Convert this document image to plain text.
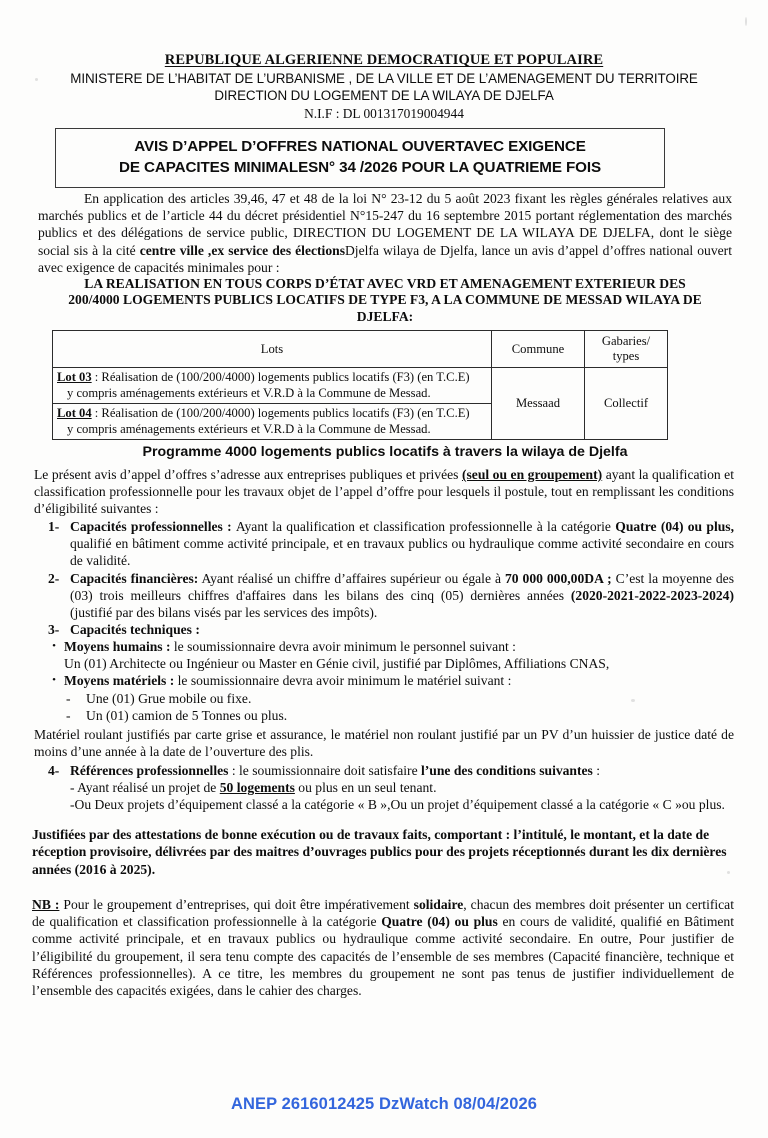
REPUBLIQUE ALGERIENNE DEMOCRATIQUE ET POPULAIRE
MINISTERE DE L’HABITAT DE L’URBANISME , DE LA VILLE ET DE L’AMENAGEMENT DU TERRITOIRE
DIRECTION DU LOGEMENT DE LA WILAYA DE DJELFA
N.I.F : DL 001317019004944
AVIS D’APPEL D’OFFRES NATIONAL OUVERTAVEC EXIGENCE
DE CAPACITES MINIMALESN° 34 /2026 POUR LA QUATRIEME FOIS
En application des articles 39,46, 47 et 48 de la loi N° 23-12 du 5 août 2023 fixant les règles générales relatives aux marchés publics et de l’article 44 du décret présidentiel N°15-247 du 16 septembre 2015 portant réglementation des marchés publics et des délégations de service public, DIRECTION DU LOGEMENT DE LA WILAYA DE DJELFA, dont le siège social sis à la cité centre ville ,ex service des électionsDjelfa wilaya de Djelfa, lance un avis d’appel d’offres national ouvert avec exigence de capacités minimales pour :
LA REALISATION EN TOUS CORPS D’ÉTAT AVEC VRD ET AMENAGEMENT EXTERIEUR DES
200/4000 LOGEMENTS PUBLICS LOCATIFS DE TYPE F3, A LA COMMUNE DE MESSAD WILAYA DE
DJELFA:
Lots	Commune	Gabaries/ types
Lot 03 : Réalisation de (100/200/4000) logements publics locatifs (F3) (en T.C.E)
y compris aménagements extérieurs et V.R.D à la Commune de Messad.	Messaad	Collectif
Lot 04 : Réalisation de (100/200/4000) logements publics locatifs (F3) (en T.C.E)
y compris aménagements extérieurs et V.R.D à la Commune de Messad.		
Programme 4000 logements publics locatifs à travers la wilaya de Djelfa
Le présent avis d’appel d’offres s’adresse aux entreprises publiques et privées (seul ou en groupement) ayant la qualification et classification professionnelle pour les travaux objet de l’appel d’offre pour lesquels il postule, tout en remplissant les conditions d’éligibilité suivantes :
1- Capacités professionnelles : Ayant la qualification et classification professionnelle à la catégorie Quatre (04) ou plus, qualifié en bâtiment comme activité principale, et en travaux publics ou hydraulique comme activité secondaire en cours de validité.
2- Capacités financières: Ayant réalisé un chiffre d’affaires supérieur ou égale à 70 000 000,00DA ; C’est la moyenne des (03) trois meilleurs chiffres d'affaires dans les bilans des cinq (05) dernières années (2020-2021-2022-2023-2024) (justifié par des bilans visés par les services des impôts).
3- Capacités techniques :
• Moyens humains : le soumissionnaire devra avoir minimum le personnel suivant :
Un (01) Architecte ou Ingénieur ou Master en Génie civil, justifié par Diplômes, Affiliations CNAS,
• Moyens matériels : le soumissionnaire devra avoir minimum le matériel suivant :
-	Une (01) Grue mobile ou fixe.
-	Un (01) camion de 5 Tonnes ou plus.
Matériel roulant justifiés par carte grise et assurance, le matériel non roulant justifié par un PV d’un huissier de justice daté de moins d’une année à la date de l’ouverture des plis.
4- Références professionnelles : le soumissionnaire doit satisfaire l’une des conditions suivantes :
- Ayant réalisé un projet de 50 logements ou plus en un seul tenant.
-Ou Deux projets d’équipement classé a la catégorie « B »,Ou un projet d’équipement classé a la catégorie « C »ou plus.
Justifiées par des attestations de bonne exécution ou de travaux faits, comportant : l’intitulé, le montant, et la date de réception provisoire, délivrées par des maitres d’ouvrages publics pour des projets réceptionnés durant les dix dernières années (2016 à 2025).
NB : Pour le groupement d’entreprises, qui doit être impérativement solidaire, chacun des membres doit présenter un certificat de qualification et classification professionnelle à la catégorie Quatre (04) ou plus en cours de validité, qualifié en Bâtiment comme activité principale, et en travaux publics ou hydraulique comme activité secondaire. En outre, Pour justifier de l’éligibilité du groupement, il sera tenu compte des capacités de l’ensemble de ses membres (Capacité financière, technique et Références professionnelles). A ce titre, les membres du groupement ne sont pas tenus de justifier individuellement de l’ensemble des capacités exigées, dans le cahier des charges.
ANEP 2616012425 DzWatch 08/04/2026
